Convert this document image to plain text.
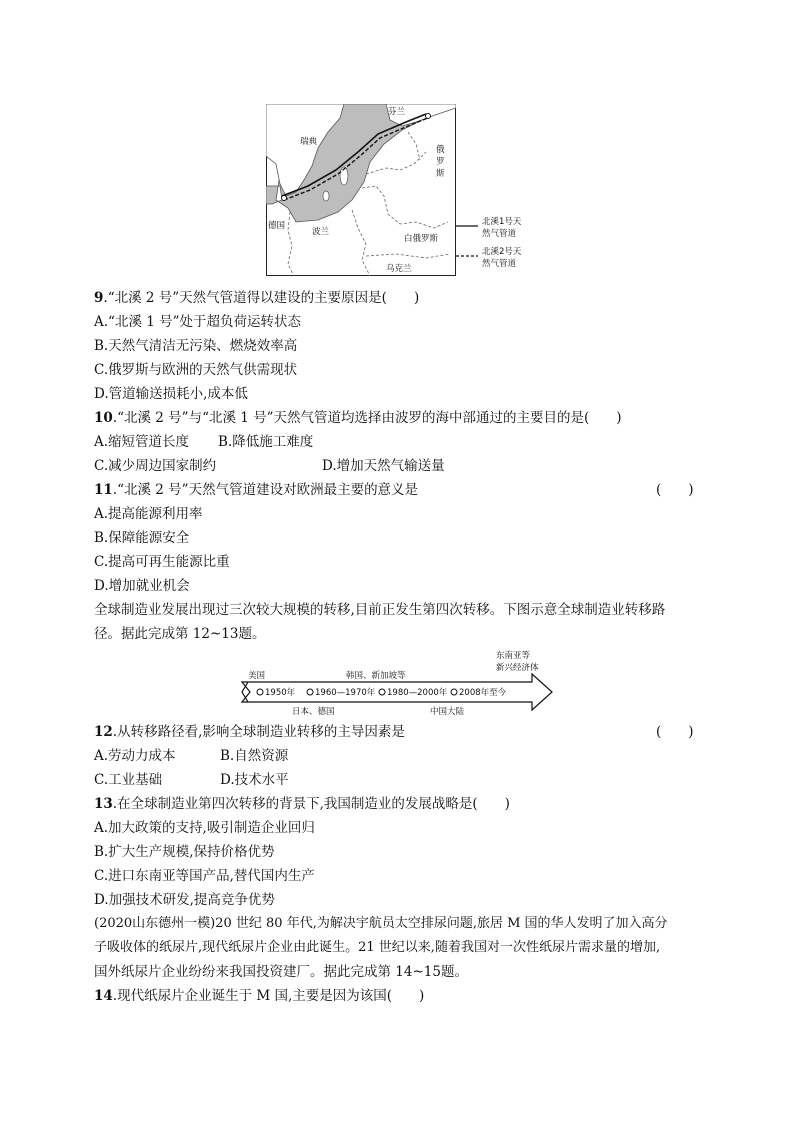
芬兰
瑞典
俄
罗
斯
德国
波兰
白俄罗斯
乌克兰
北溪1号天
然气管道
北溪2号天
然气管道
9.“北溪 2 号”天然气管道得以建设的主要原因是(　　)
A.“北溪 1 号”处于超负荷运转状态
B.天然气清洁无污染、燃烧效率高
C.俄罗斯与欧洲的天然气供需现状
D.管道输送损耗小,成本低
10.“北溪 2 号”与“北溪 1 号”天然气管道均选择由波罗的海中部通过的主要目的是(　　)
A.缩短管道长度 B.降低施工难度
C.减少周边国家制约	D.增加天然气输送量
11.“北溪 2 号”天然气管道建设对欧洲最主要的意义是	(　　)
A.提高能源利用率
B.保障能源安全
C.提高可再生能源比重
D.增加就业机会
全球制造业发展出现过三次较大规模的转移,目前正发生第四次转移。下图示意全球制造业转移路
径。据此完成第 12~13题。
美国	韩国、新加坡等
东南亚等
新兴经济体
1950年 1960—1970年 1980—2000年 2008年至今
日本、德国	中国大陆
12.从转移路径看,影响全球制造业转移的主导因素是	(　　)
A.劳动力成本	B.自然资源
C.工业基础	D.技术水平
13.在全球制造业第四次转移的背景下,我国制造业的发展战略是(　　)
A.加大政策的支持,吸引制造企业回归
B.扩大生产规模,保持价格优势
C.进口东南亚等国产品,替代国内生产
D.加强技术研发,提高竞争优势
(2020山东德州一模)20 世纪 80 年代,为解决宇航员太空排尿问题,旅居 M 国的华人发明了加入高分
子吸收体的纸尿片,现代纸尿片企业由此诞生。21 世纪以来,随着我国对一次性纸尿片需求量的增加,
国外纸尿片企业纷纷来我国投资建厂。据此完成第 14~15题。
14.现代纸尿片企业诞生于 M 国,主要是因为该国(　　)
